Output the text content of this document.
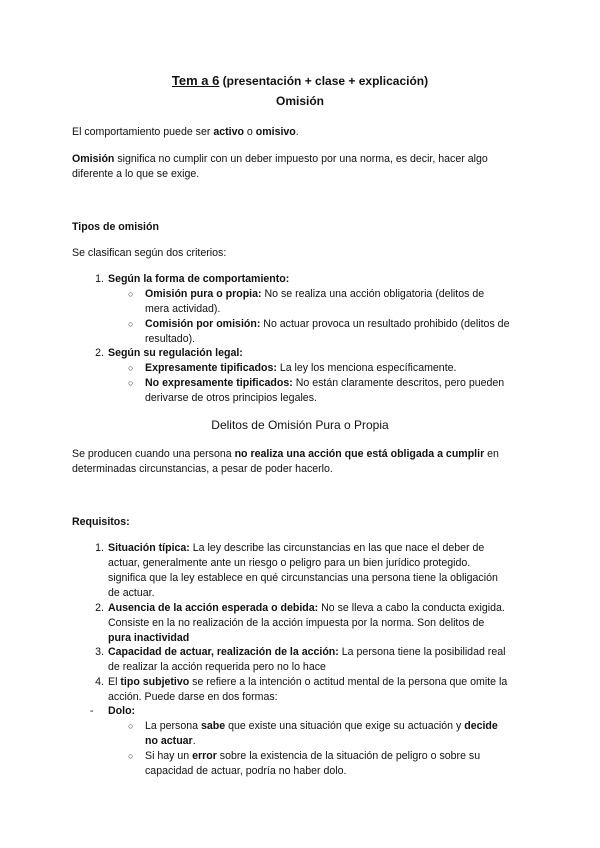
Tem a 6 (presentación + clase + explicación)
Omisión
El comportamiento puede ser activo o omisivo.
Omisión significa no cumplir con un deber impuesto por una norma, es decir, hacer algo
diferente a lo que se exige.
Tipos de omisión
Se clasifican según dos criterios:
1. Según la forma de comportamiento:
○ Omisión pura o propia: No se realiza una acción obligatoria (delitos de
mera actividad).
○ Comisión por omisión: No actuar provoca un resultado prohibido (delitos de
resultado).
2. Según su regulación legal:
○ Expresamente tipificados: La ley los menciona específicamente.
○ No expresamente tipificados: No están claramente descritos, pero pueden
derivarse de otros principios legales.
Delitos de Omisión Pura o Propia
Se producen cuando una persona no realiza una acción que está obligada a cumplir en
determinadas circunstancias, a pesar de poder hacerlo.
Requisitos:
1. Situación típica: La ley describe las circunstancias en las que nace el deber de
actuar, generalmente ante un riesgo o peligro para un bien jurídico protegido.
significa que la ley establece en qué circunstancias una persona tiene la obligación
de actuar.
2. Ausencia de la acción esperada o debida: No se lleva a cabo la conducta exigida.
Consiste en la no realización de la acción impuesta por la norma. Son delitos de
pura inactividad
3. Capacidad de actuar, realización de la acción: La persona tiene la posibilidad real
de realizar la acción requerida pero no lo hace
4. El tipo subjetivo se refiere a la intención o actitud mental de la persona que omite la
acción. Puede darse en dos formas:
- Dolo:
○ La persona sabe que existe una situación que exige su actuación y decide
no actuar.
○ Si hay un error sobre la existencia de la situación de peligro o sobre su
capacidad de actuar, podría no haber dolo.
